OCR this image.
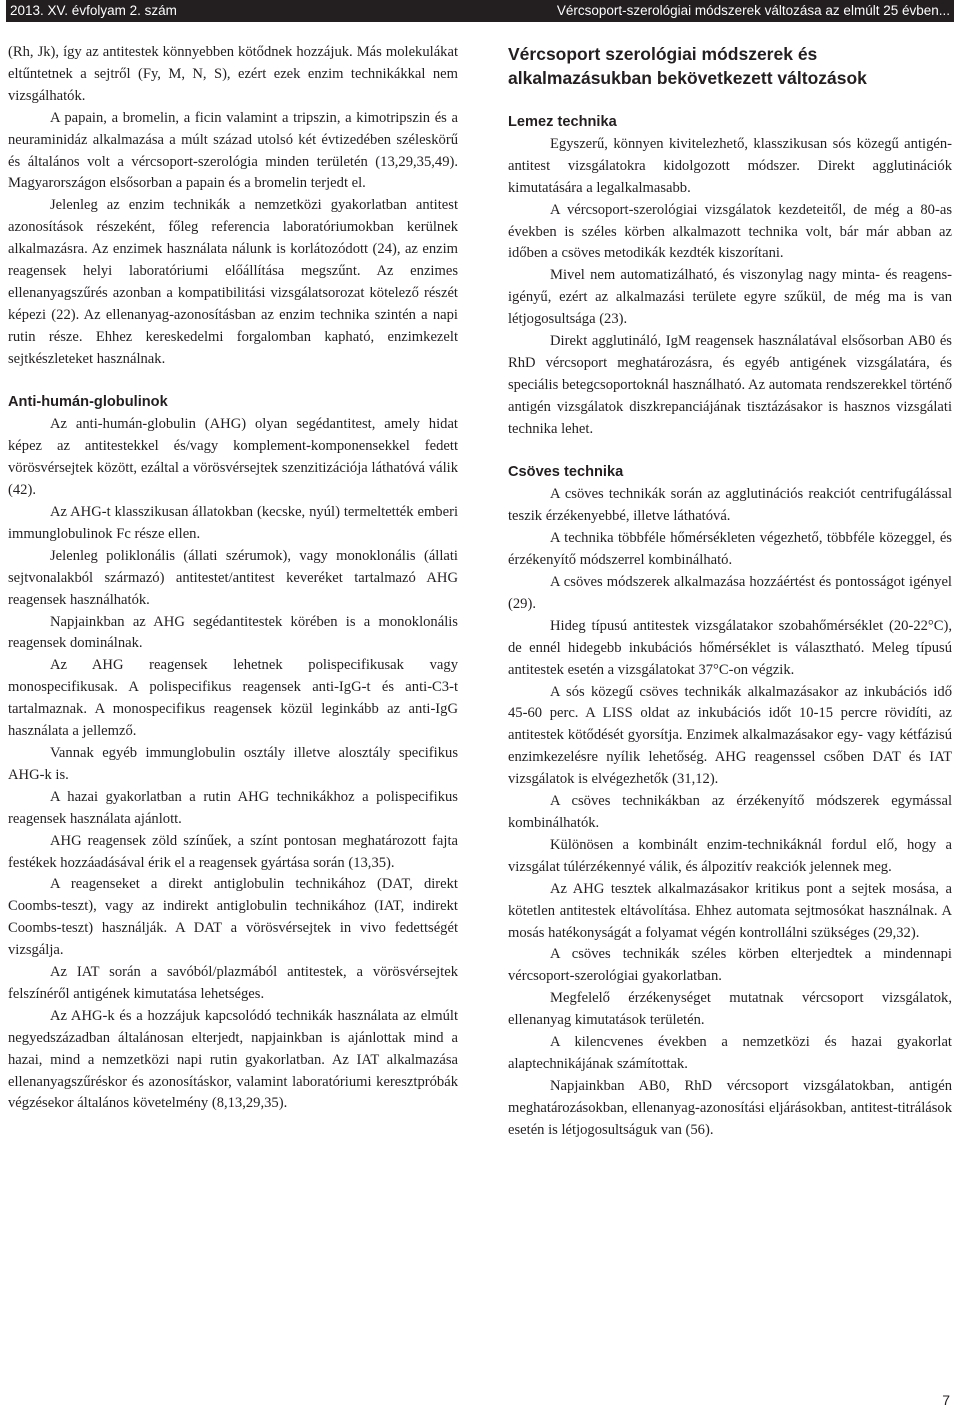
2013. XV. évfolyam 2. szám	Vércsoport-szerológiai módszerek változása az elmúlt 25 évben...

(Rh, Jk), így az antitestek könnyebben kötődnek hozzájuk. Más molekulákat eltűntetnek a sejtről (Fy, M, N, S), ezért ezek enzim technikákkal nem vizsgálhatók.

A papain, a bromelin, a ficin valamint a tripszin, a kimotripszin és a neuraminidáz alkalmazása a múlt század utolsó két évtizedében széleskörű és általános volt a vércsoport-szerológia minden területén (13,29,35,49). Magyarországon elsősorban a papain és a bromelin terjedt el.

Jelenleg az enzim technikák a nemzetközi gyakorlatban antitest azonosítások részeként, főleg referencia laboratóriumokban kerülnek alkalmazásra. Az enzimek használata nálunk is korlátozódott (24), az enzim reagensek helyi laboratóriumi előállítása megszűnt. Az enzimes ellenanyagszűrés azonban a kompatibilitási vizsgálatsorozat kötelező részét képezi (22). Az ellenanyag-azonosításban az enzim technika szintén a napi rutin része. Ehhez kereskedelmi forgalomban kapható, enzimkezelt sejtkészleteket használnak.

Anti-humán-globulinok

Az anti-humán-globulin (AHG) olyan segédantitest, amely hidat képez az antitestekkel és/vagy komplement-komponensekkel fedett vörösvérsejtek között, ezáltal a vörösvérsejtek szenzitizációja láthatóvá válik (42).

Az AHG-t klasszikusan állatokban (kecske, nyúl) termeltették emberi immunglobulinok Fc része ellen.

Jelenleg poliklonális (állati szérumok), vagy monoklonális (állati sejtvonalakból származó) antitestet/antitest keveréket tartalmazó AHG reagensek használhatók.

Napjainkban az AHG segédantitestek körében is a monoklonális reagensek dominálnak.

Az AHG reagensek lehetnek polispecifikusak vagy monospecifikusak. A polispecifikus reagensek anti-IgG-t és anti-C3-t tartalmaznak. A monospecifikus reagensek közül leginkább az anti-IgG használata a jellemző.

Vannak egyéb immunglobulin osztály illetve alosztály specifikus AHG-k is.

A hazai gyakorlatban a rutin AHG technikákhoz a polispecifikus reagensek használata ajánlott.

AHG reagensek zöld színűek, a színt pontosan meghatározott fajta festékek hozzáadásával érik el a reagensek gyártása során (13,35).

A reagenseket a direkt antiglobulin technikához (DAT, direkt Coombs-teszt), vagy az indirekt antiglobulin technikához (IAT, indirekt Coombs-teszt) használják. A DAT a vörösvérsejtek in vivo fedettségét vizsgálja.

Az IAT során a savóból/plazmából antitestek, a vörösvérsejtek felszínéről antigének kimutatása lehetséges.

Az AHG-k és a hozzájuk kapcsolódó technikák használata az elmúlt negyedszázadban általánosan elterjedt, napjainkban is ajánlottak mind a hazai, mind a nemzetközi napi rutin gyakorlatban. Az IAT alkalmazása ellenanyagszűréskor és azonosításkor, valamint laboratóriumi keresztpróbák végzésekor általános követelmény (8,13,29,35).

Vércsoport szerológiai módszerek és alkalmazásukban bekövetkezett változások
Lemez technika

Egyszerű, könnyen kivitelezhető, klasszikusan sós közegű antigén-antitest vizsgálatokra kidolgozott módszer. Direkt agglutinációk kimutatására a legalkalmasabb.

A vércsoport-szerológiai vizsgálatok kezdeteitől, de még a 80-as években is széles körben alkalmazott technika volt, bár már abban az időben a csöves metodikák kezdték kiszorítani.

Mivel nem automatizálható, és viszonylag nagy minta- és reagens-igényű, ezért az alkalmazási területe egyre szűkül, de még ma is van létjogosultsága (23).

Direkt agglutináló, IgM reagensek használatával elsősorban AB0 és RhD vércsoport meghatározásra, és egyéb antigének vizsgálatára, és speciális betegcsoportoknál használható. Az automata rendszerekkel történő antigén vizsgálatok diszkrepanciájának tisztázásakor is hasznos vizsgálati technika lehet.

Csöves technika

A csöves technikák során az agglutinációs reakciót centrifugálással teszik érzékenyebbé, illetve láthatóvá.

A technika többféle hőmérsékleten végezhető, többféle közeggel, és érzékenyítő módszerrel kombinálható.

A csöves módszerek alkalmazása hozzáértést és pontosságot igényel (29).

Hideg típusú antitestek vizsgálatakor szobahőmérséklet (20-22°C), de ennél hidegebb inkubációs hőmérséklet is választható. Meleg típusú antitestek esetén a vizsgálatokat 37°C-on végzik.

A sós közegű csöves technikák alkalmazásakor az inkubációs idő 45-60 perc. A LISS oldat az inkubációs időt 10-15 percre rövidíti, az antitestek kötődését gyorsítja. Enzimek alkalmazásakor egy- vagy kétfázisú enzimkezelésre nyílik lehetőség. AHG reagenssel csőben DAT és IAT vizsgálatok is elvégezhetők (31,12).

A csöves technikákban az érzékenyítő módszerek egymással kombinálhatók.

Különösen a kombinált enzim-technikáknál fordul elő, hogy a vizsgálat túlérzékennyé válik, és álpozitív reakciók jelennek meg.

Az AHG tesztek alkalmazásakor kritikus pont a sejtek mosása, a kötetlen antitestek eltávolítása. Ehhez automata sejtmosókat használnak. A mosás hatékonyságát a folyamat végén kontrollálni szükséges (29,32).

A csöves technikák széles körben elterjedtek a mindennapi vércsoport-szerológiai gyakorlatban.

Megfelelő érzékenységet mutatnak vércsoport vizsgálatok, ellenanyag kimutatások területén.

A kilencvenes években a nemzetközi és hazai gyakorlat alaptechnikájának számítottak.

Napjainkban AB0, RhD vércsoport vizsgálatokban, antigén meghatározásokban, ellenanyag-azonosítási eljárásokban, antitest-titrálások esetén is létjogosultságuk van (56).

7
